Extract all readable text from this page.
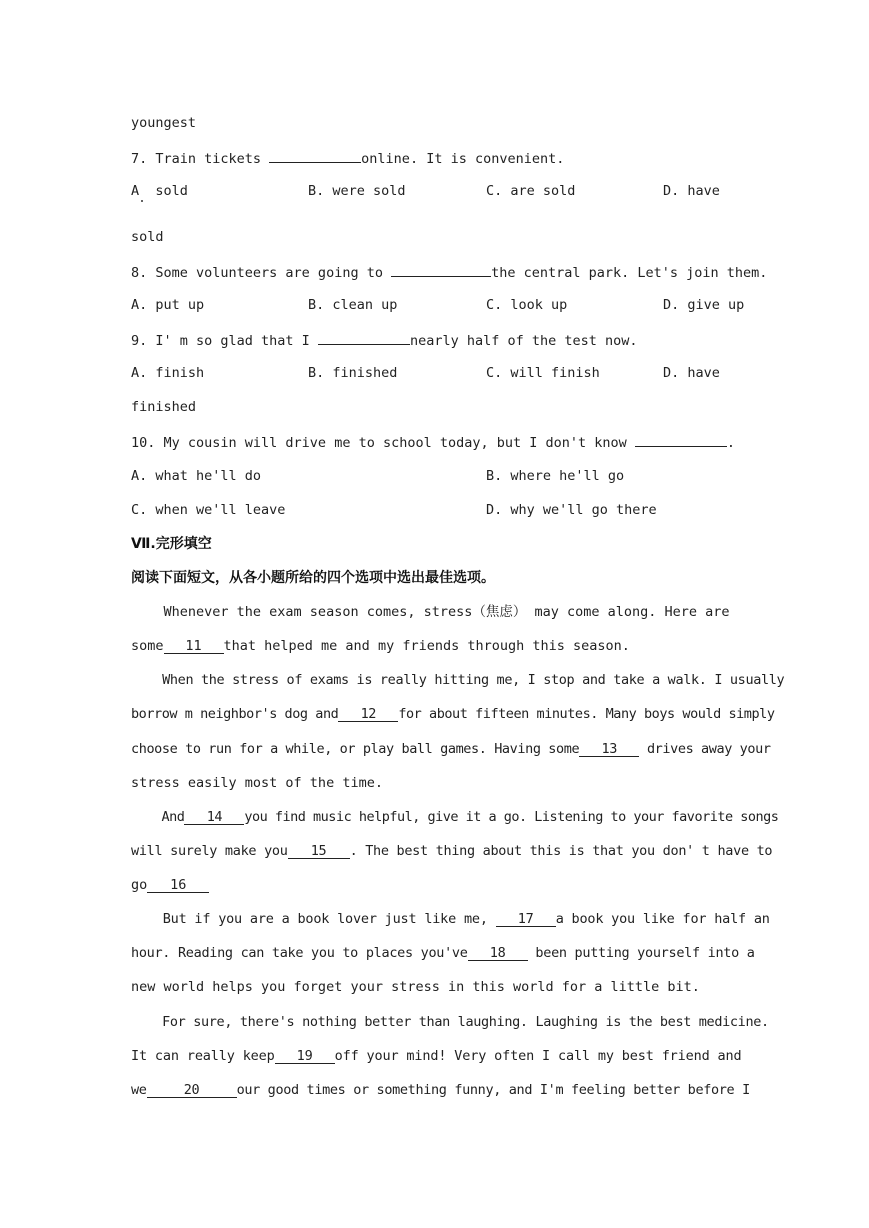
youngest
7. Train tickets	online. It is convenient.
A  sold	B. were sold	C. are sold	D. have
sold
8. Some volunteers are going to	the central park. Let's join them.
A. put up	B. clean up	C. look up	D. give up
9. I' m so glad that I	nearly half of the test now.
A. finish	B. finished	C. will finish	D. have
finished
10. My cousin will drive me to school today, but I don't know	.
A. what he'll do	B. where he'll go
C. when we'll leave	D. why we'll go there
Ⅶ.完形填空
阅读下面短文，从各小题所给的四个选项中选出最佳选项。
Whenever the exam season comes, stress（焦虑） may come along. Here are
some 11 that helped me and my friends through this season.
When the stress of exams is really hitting me, I stop and take a walk. I usually
borrow m neighbor's dog and 12 for about fifteen minutes. Many boys would simply
choose to run for a while, or play ball games. Having some 13 drives away your
stress easily most of the time.
And 14 you find music helpful, give it a go. Listening to your favorite songs
will surely make you 15 . The best thing about this is that you don' t have to
go 16
But if you are a book lover just like me, 17 a book you like for half an
hour. Reading can take you to places you've 18 been putting yourself into a
new world helps you forget your stress in this world for a little bit.
For sure, there's nothing better than laughing. Laughing is the best medicine.
It can really keep 19 off your mind! Very often I call my best friend and
we	20	our good times or something funny, and I'm feeling better before I
